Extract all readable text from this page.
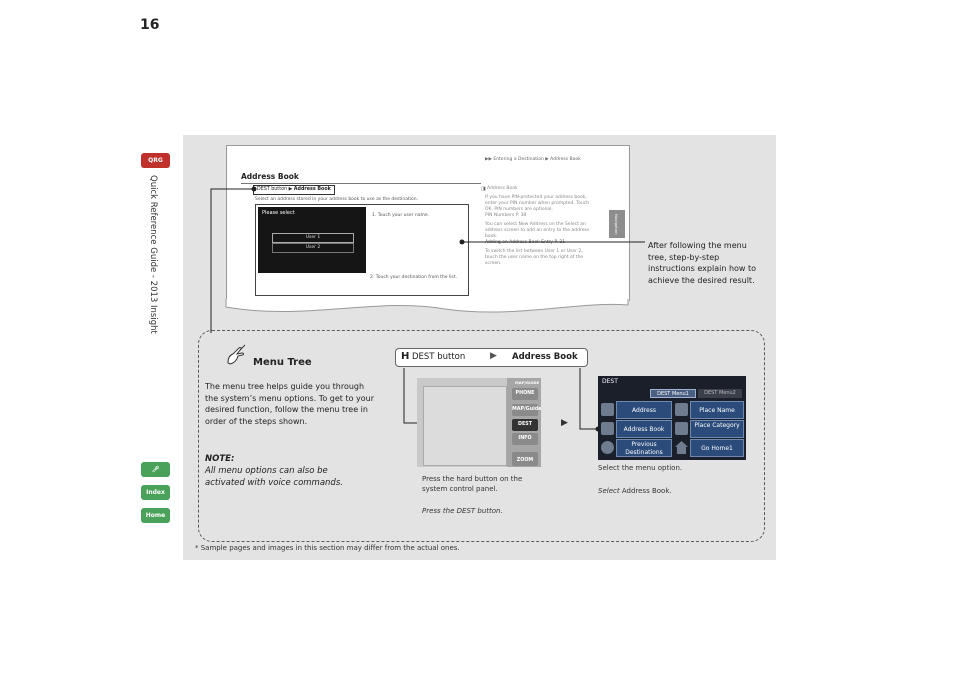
16
QRG
Quick Reference Guide - 2013 Insight
🎤︎
Index
Home
▶▶ Entering a Destination ▶ Address Book
Address Book
DEST button ▶ Address Book
Select an address stored in your address book to use as the destination.
Please select
User 1
User 2
1. Touch your user name.
2. Touch your destination from the list.
◨ Address Book
If you have PIN-protected your address book,
enter your PIN number when prompted. Touch
OK. PIN numbers are optional.
PIN Numbers P. 38
You can select New Address on the Select an
address screen to add an entry to the address
book.
Adding an Address Book Entry P. 31
To switch the list between User 1 or User 2,
touch the user name on the top right of the
screen.
Navigation
After following the menu tree, step-by-step instructions explain how to achieve the desired result.
Menu Tree
The menu tree helps guide you through the system’s menu options. To get to your desired function, follow the menu tree in order of the steps shown.
NOTE:
All menu options can also be activated with voice commands.
H DEST button	▶ Address Book
MAP/GUIDE
PHONE
MAP/Guide
DEST
INFO
ZOOM
Press the hard button on the system control panel.
Press the DEST button.
▶
DEST
DEST Menu1	DEST Menu2
Address	Place Name
Address Book
Place Category
Previous Destinations
Go Home1
Select the menu option.
Select Address Book.
* Sample pages and images in this section may differ from the actual ones.
